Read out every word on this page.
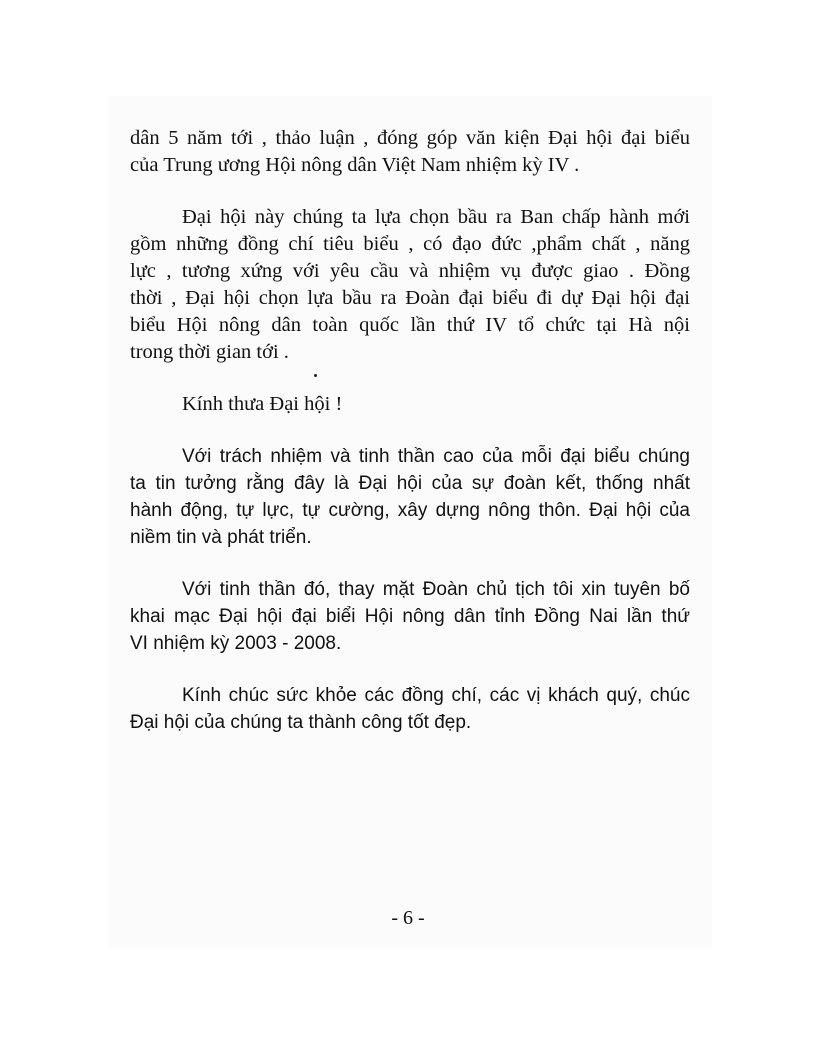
dân 5 năm tới , thảo luận , đóng góp văn kiện Đại hội đại biểu
của Trung ương Hội nông dân Việt Nam nhiệm kỳ IV .
Đại hội này chúng ta lựa chọn bầu ra Ban chấp hành mới
gồm những đồng chí tiêu biểu , có đạo đức ,phẩm chất , năng
lực , tương xứng với yêu cầu và nhiệm vụ được giao . Đồng
thời , Đại hội chọn lựa bầu ra Đoàn đại biểu đi dự Đại hội đại
biểu Hội nông dân toàn quốc lần thứ IV tổ chức tại Hà nội
trong thời gian tới .
Kính thưa Đại hội !
Với trách nhiệm và tinh thần cao của mỗi đại biểu chúng
ta tin tưởng rằng đây là Đại hội của sự đoàn kết, thống nhất
hành động, tự lực, tự cường, xây dựng nông thôn. Đại hội của
niềm tin và phát triển.
Với tinh thần đó, thay mặt Đoàn chủ tịch tôi xin tuyên bố
khai mạc Đại hội đại biểi Hội nông dân tỉnh Đồng Nai lần thứ
VI nhiệm kỳ 2003 - 2008.
Kính chúc sức khỏe các đồng chí, các vị khách quý, chúc
Đại hội của chúng ta thành công tốt đẹp.
- 6 -
